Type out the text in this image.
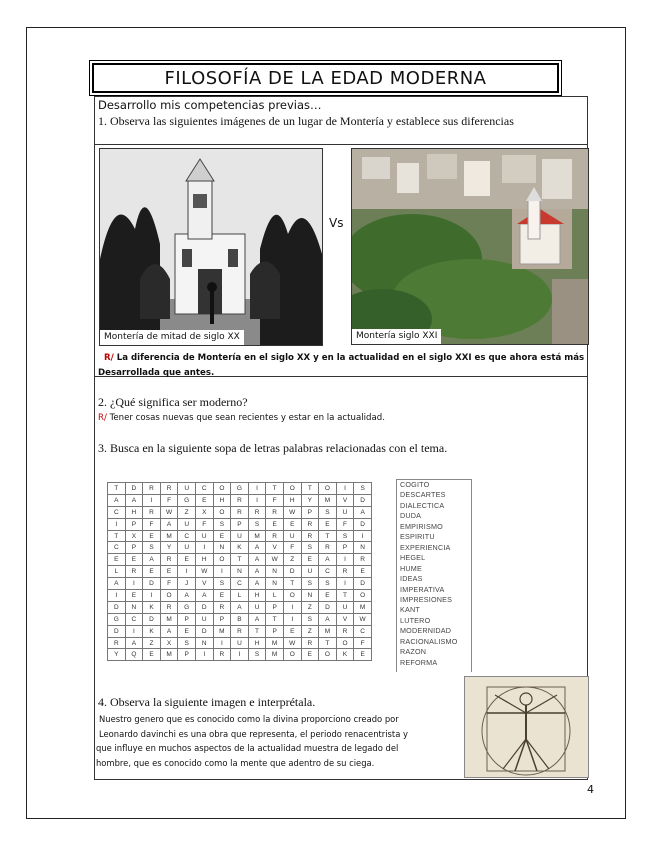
FILOSOFÍA DE LA EDAD MODERNA
Desarrollo mis competencias previas…
1. Observa las siguientes imágenes de un lugar de Montería y establece sus diferencias
Montería de mitad de siglo XX
Vs
Montería siglo XXI
R/ La diferencia de Montería en el siglo XX y en la actualidad en el siglo XXI es que ahora está más
Desarrollada que antes.
2. ¿Qué significa ser moderno?
R/ Tener cosas nuevas que sean recientes y estar en la actualidad.
3. Busca en la siguiente sopa de letras palabras relacionadas con el tema.
T	D	R	R	U	C	O	G	I	T	O	T	O	I	S
A	A	I	F	G	E	H	R	I	F	H	Y	M	V	D
C	H	R	W	Z	X	O	R	R	R	W	P	S	U	A
I	P	F	A	U	F	S	P	S	E	E	R	E	F	D
T	X	E	M	C	U	E	U	M	R	U	R	T	S	I
C	P	S	Y	U	I	N	K	A	V	F	S	R	P	N
E	E	A	R	E	H	O	T	A	W	Z	E	A	I	R
L	R	E	E	I	W	I	N	A	N	D	U	C	R	E
A	I	D	F	J	V	S	C	A	N	T	S	S	I	D
I	E	I	O	A	A	E	L	H	L	O	N	E	T	O
D	N	K	R	G	D	R	A	U	P	I	Z	D	U	M
G	C	D	M	P	U	P	B	A	T	I	S	A	V	W
D	I	K	A	E	D	M	R	T	P	E	Z	M	R	C
R	A	Z	X	S	N	I	U	H	M	W	R	T	O	F
Y	Q	E	M	P	I	R	I	S	M	O	E	O	K	E
COGITO
DESCARTES
DIALECTICA
DUDA
EMPIRISMO
ESPIRITU
EXPERIENCIA
HEGEL
HUME
IDEAS
IMPERATIVA
IMPRESIONES
KANT
LUTERO
MODERNIDAD
RACIONALISMO
RAZON
REFORMA
4. Observa la siguiente imagen e interprétala.
Nuestro genero que es conocido como la divina proporciono creado por
Leonardo davinchi es una obra que representa, el periodo renacentrista y
que influye en muchos aspectos de la actualidad muestra de legado del
hombre, que es conocido como la mente que adentro de su ciega.
4
